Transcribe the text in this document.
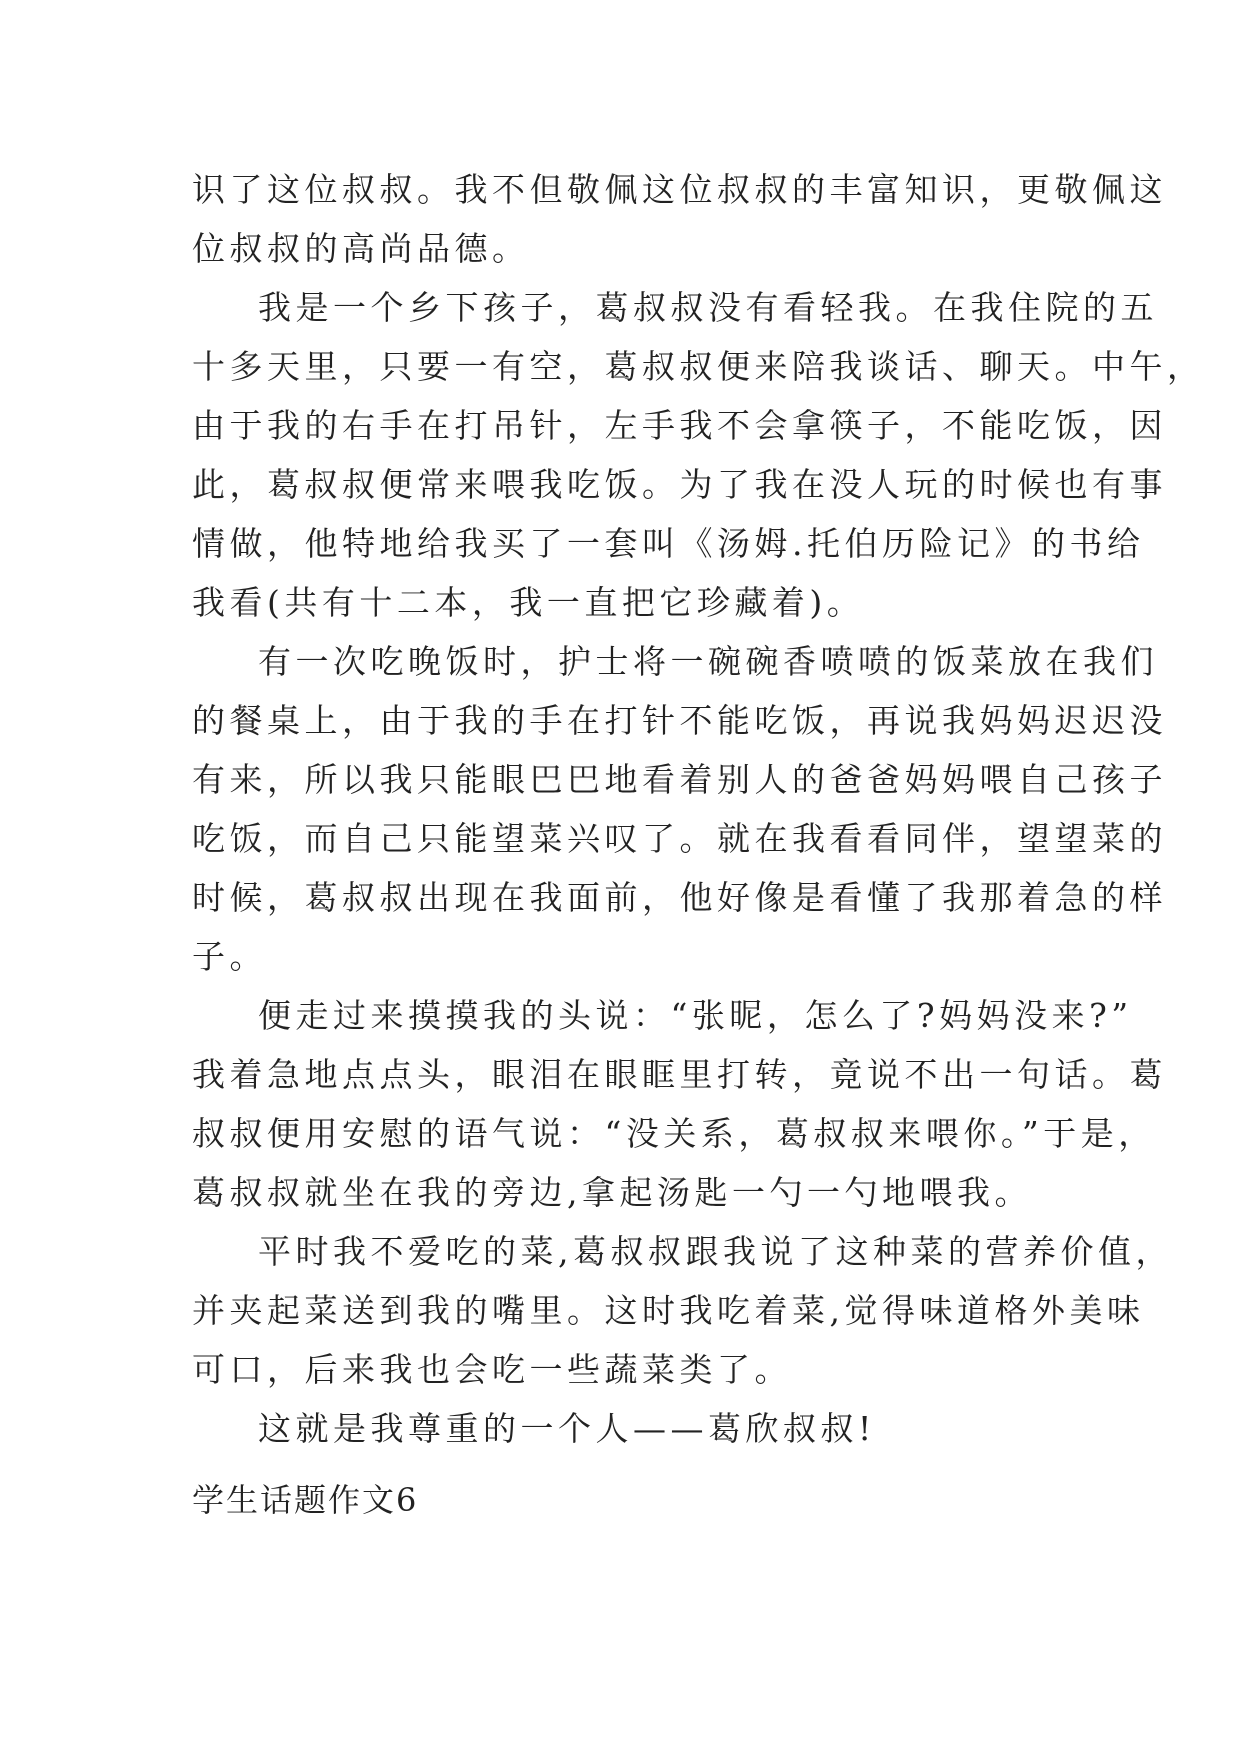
识了这位叔叔。我不但敬佩这位叔叔的丰富知识，更敬佩这
位叔叔的高尚品德。
我是一个乡下孩子，葛叔叔没有看轻我。在我住院的五
十多天里，只要一有空，葛叔叔便来陪我谈话、聊天。中午，
由于我的右手在打吊针，左手我不会拿筷子，不能吃饭，因
此，葛叔叔便常来喂我吃饭。为了我在没人玩的时候也有事
情做，他特地给我买了一套叫《汤姆.托伯历险记》的书给
我看(共有十二本，我一直把它珍藏着)。
有一次吃晚饭时，护士将一碗碗香喷喷的饭菜放在我们
的餐桌上，由于我的手在打针不能吃饭，再说我妈妈迟迟没
有来，所以我只能眼巴巴地看着别人的爸爸妈妈喂自己孩子
吃饭，而自己只能望菜兴叹了。就在我看看同伴，望望菜的
时候，葛叔叔出现在我面前，他好像是看懂了我那着急的样
子。
便走过来摸摸我的头说：“张昵，怎么了?妈妈没来?”
我着急地点点头，眼泪在眼眶里打转，竟说不出一句话。葛
叔叔便用安慰的语气说：“没关系，葛叔叔来喂你。”于是，
葛叔叔就坐在我的旁边,拿起汤匙一勺一勺地喂我。
平时我不爱吃的菜,葛叔叔跟我说了这种菜的营养价值，
并夹起菜送到我的嘴里。这时我吃着菜,觉得味道格外美味
可口，后来我也会吃一些蔬菜类了。
这就是我尊重的一个人——葛欣叔叔!
学生话题作文6
